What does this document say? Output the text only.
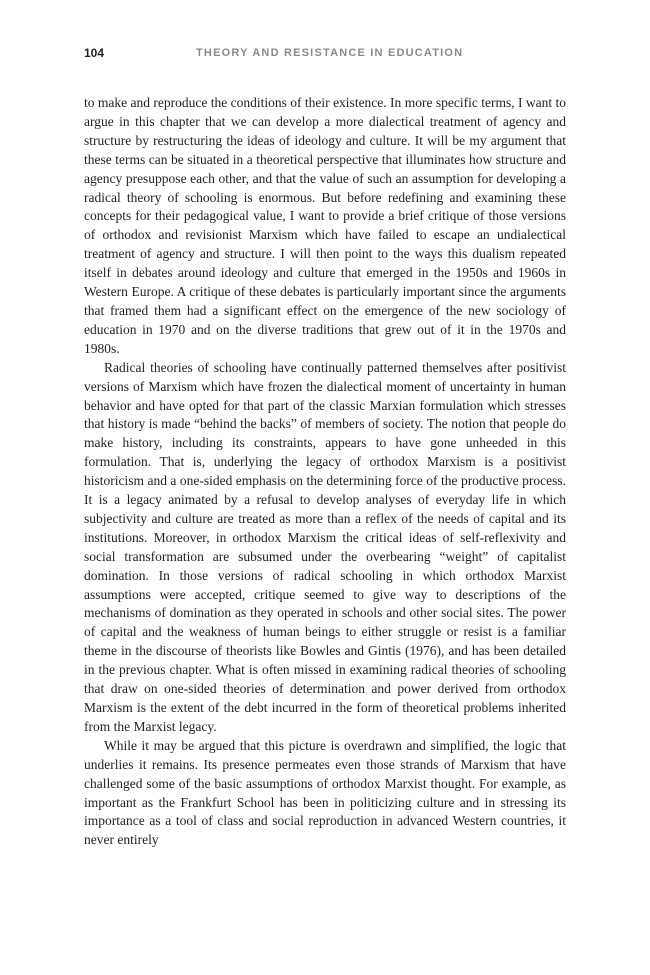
104	THEORY AND RESISTANCE IN EDUCATION

to make and reproduce the conditions of their existence. In more specific terms, I want to argue in this chapter that we can develop a more dialectical treatment of agency and structure by restructuring the ideas of ideology and culture. It will be my argument that these terms can be situated in a theoretical perspective that illuminates how structure and agency presuppose each other, and that the value of such an assumption for developing a radical theory of schooling is enormous. But before redefining and examining these concepts for their pedagogical value, I want to provide a brief critique of those versions of orthodox and revisionist Marxism which have failed to escape an undialectical treatment of agency and structure. I will then point to the ways this dualism repeated itself in debates around ideology and culture that emerged in the 1950s and 1960s in Western Europe. A critique of these debates is particularly important since the arguments that framed them had a significant effect on the emergence of the new sociology of education in 1970 and on the diverse traditions that grew out of it in the 1970s and 1980s.

Radical theories of schooling have continually patterned themselves after positivist versions of Marxism which have frozen the dialectical moment of uncertainty in human behavior and have opted for that part of the classic Marxian formulation which stresses that history is made “behind the backs” of members of society. The notion that people do make history, including its constraints, appears to have gone unheeded in this formulation. That is, underlying the legacy of orthodox Marxism is a positivist historicism and a one-sided emphasis on the determining force of the productive process. It is a legacy animated by a refusal to develop analyses of everyday life in which subjectivity and culture are treated as more than a reflex of the needs of capital and its institutions. Moreover, in orthodox Marxism the critical ideas of self-reflexivity and social transformation are subsumed under the overbearing “weight” of capitalist domination. In those versions of radical schooling in which orthodox Marxist assumptions were accepted, critique seemed to give way to descriptions of the mechanisms of domination as they operated in schools and other social sites. The power of capital and the weakness of human beings to either struggle or resist is a familiar theme in the discourse of theorists like Bowles and Gintis (1976), and has been detailed in the previous chapter. What is often missed in examining radical theories of schooling that draw on one-sided theories of determination and power derived from orthodox Marxism is the extent of the debt incurred in the form of theoretical problems inherited from the Marxist legacy.

While it may be argued that this picture is overdrawn and simplified, the logic that underlies it remains. Its presence permeates even those strands of Marxism that have challenged some of the basic assumptions of orthodox Marxist thought. For example, as important as the Frankfurt School has been in politicizing culture and in stressing its importance as a tool of class and social reproduction in advanced Western countries, it never entirely
